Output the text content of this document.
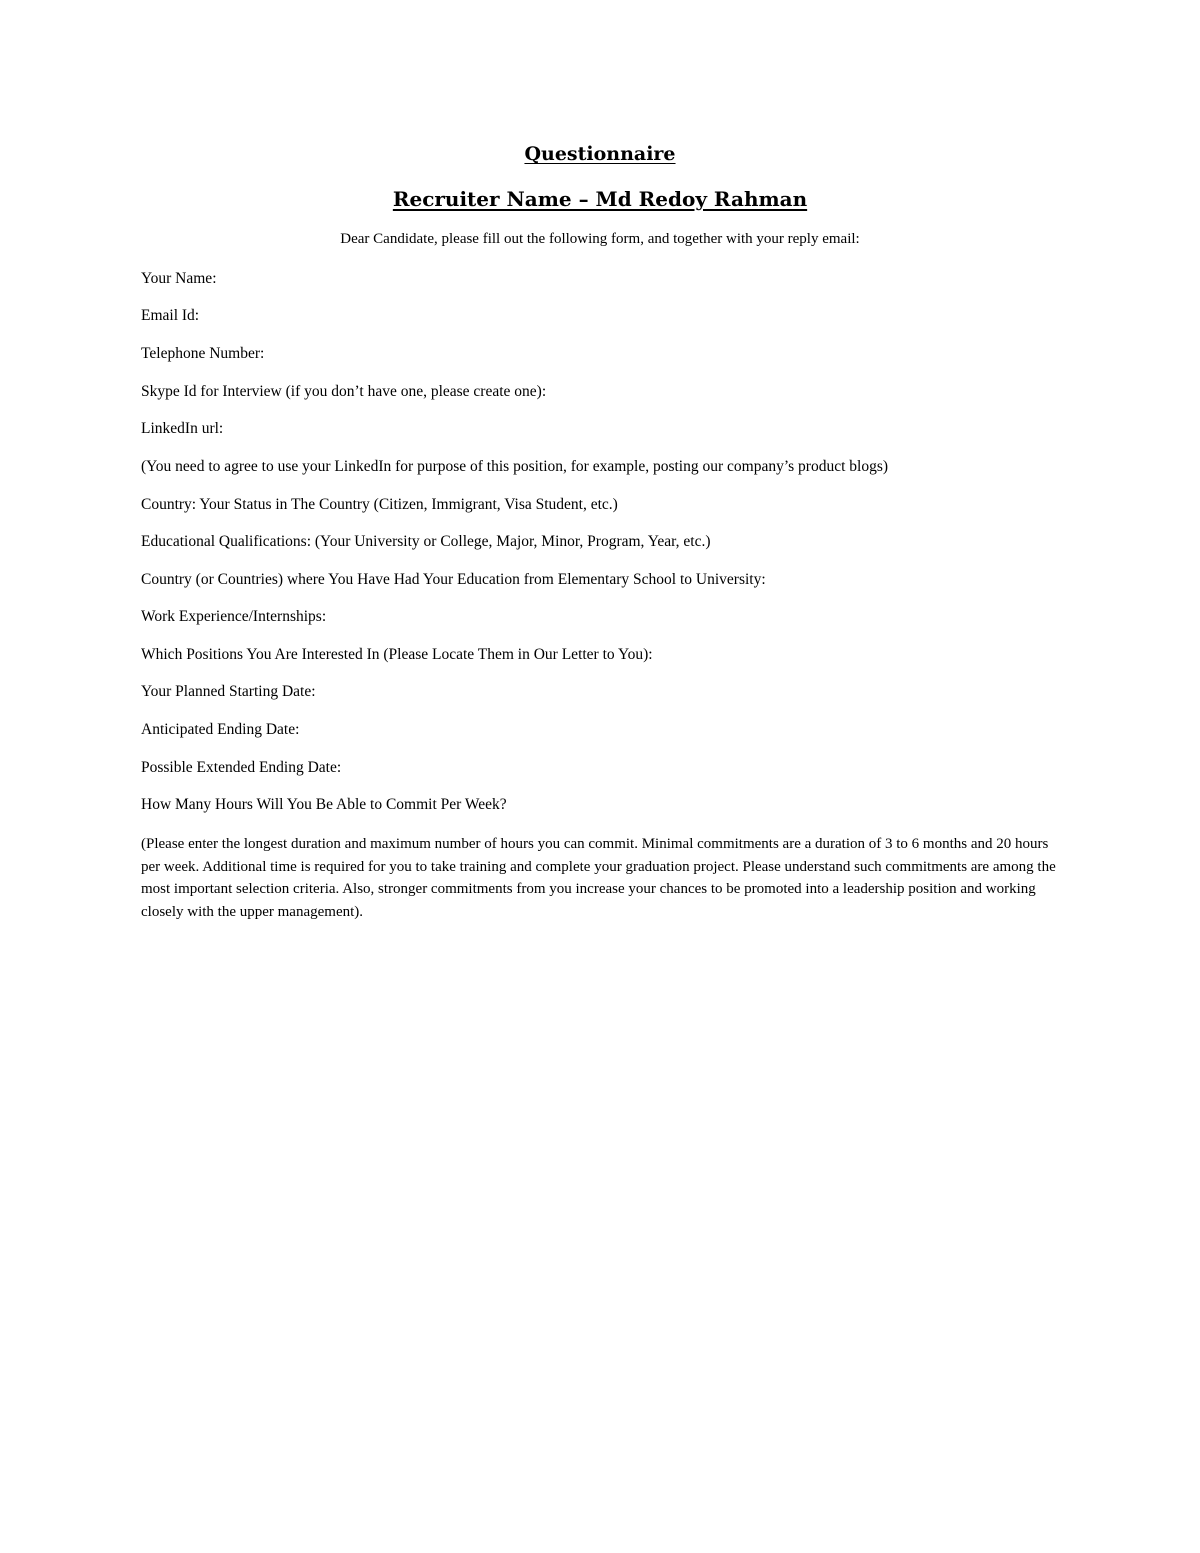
Questionnaire
Recruiter Name – Md Redoy Rahman
Dear Candidate, please fill out the following form, and together with your reply email:
Your Name:
Email Id:
Telephone Number:
Skype Id for Interview (if you don’t have one, please create one):
LinkedIn url:
(You need to agree to use your LinkedIn for purpose of this position, for example, posting our company’s product blogs)
Country: Your Status in The Country (Citizen, Immigrant, Visa Student, etc.)
Educational Qualifications: (Your University or College, Major, Minor, Program, Year, etc.)
Country (or Countries) where You Have Had Your Education from Elementary School to University:
Work Experience/Internships:
Which Positions You Are Interested In (Please Locate Them in Our Letter to You):
Your Planned Starting Date:
Anticipated Ending Date:
Possible Extended Ending Date:
How Many Hours Will You Be Able to Commit Per Week?
(Please enter the longest duration and maximum number of hours you can commit. Minimal commitments are a duration of 3 to 6 months and 20 hours per week. Additional time is required for you to take training and complete your graduation project. Please understand such commitments are among the most important selection criteria. Also, stronger commitments from you increase your chances to be promoted into a leadership position and working closely with the upper management).
